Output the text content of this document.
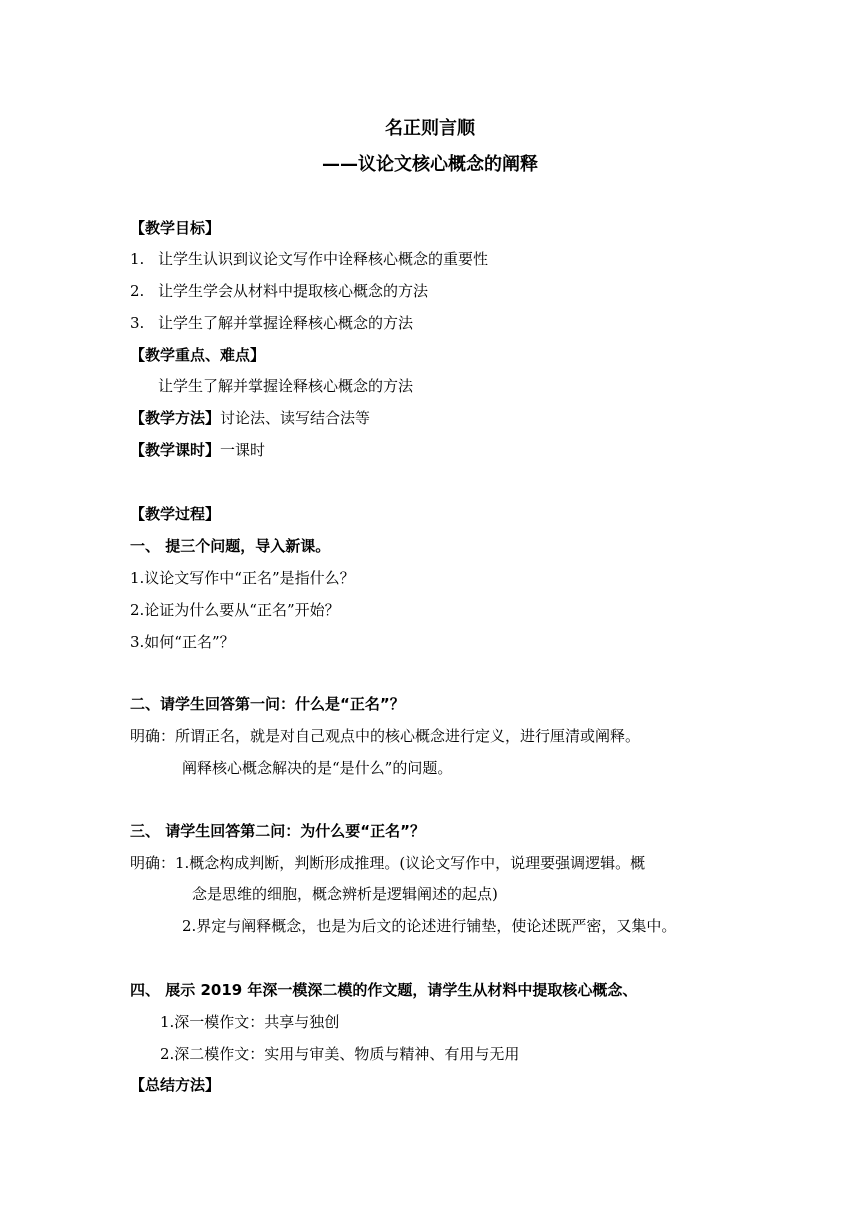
名正则言顺
——议论文核心概念的阐释
【教学目标】
1. 让学生认识到议论文写作中诠释核心概念的重要性
2. 让学生学会从材料中提取核心概念的方法
3. 让学生了解并掌握诠释核心概念的方法
【教学重点、难点】
让学生了解并掌握诠释核心概念的方法
【教学方法】讨论法、读写结合法等
【教学课时】一课时
【教学过程】
一、 提三个问题，导入新课。
1.议论文写作中“正名”是指什么？
2.论证为什么要从“正名”开始？
3.如何“正名”？
二、请学生回答第一问：什么是“正名”？
明确：所谓正名，就是对自己观点中的核心概念进行定义，进行厘清或阐释。
阐释核心概念解决的是“是什么”的问题。
三、 请学生回答第二问：为什么要“正名”？
明确：1.概念构成判断，判断形成推理。(议论文写作中，说理要强调逻辑。概
念是思维的细胞，概念辨析是逻辑阐述的起点)
2.界定与阐释概念，也是为后文的论述进行铺垫，使论述既严密，又集中。
四、 展示 2019 年深一模深二模的作文题，请学生从材料中提取核心概念、
1.深一模作文：共享与独创
2.深二模作文：实用与审美、物质与精神、有用与无用
【总结方法】
